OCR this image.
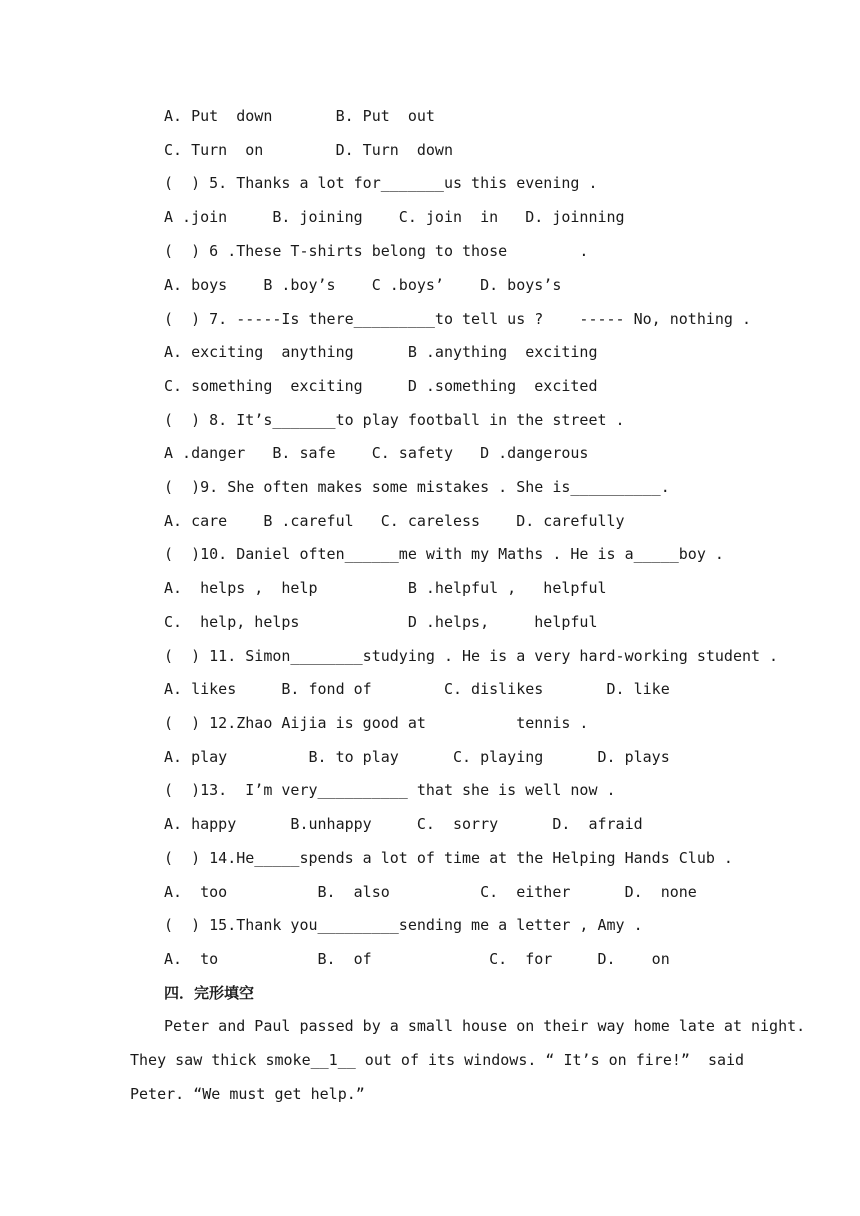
A. Put  down       B. Put  out
C. Turn  on        D. Turn  down
(  ) 5. Thanks a lot for_______us this evening .
A .join     B. joining    C. join  in   D. joinning
(  ) 6 .These T-shirts belong to those        .
A. boys    B .boy’s    C .boys’    D. boys’s
(  ) 7. -----Is there_________to tell us ?    ----- No, nothing .
A. exciting  anything      B .anything  exciting
C. something  exciting     D .something  excited
(  ) 8. It’s_______to play football in the street .
A .danger   B. safe    C. safety   D .dangerous
(  )9. She often makes some mistakes . She is__________.
A. care    B .careful   C. careless    D. carefully
(  )10. Daniel often______me with my Maths . He is a_____boy .
A.  helps ,  help          B .helpful ,   helpful
C.  help, helps            D .helps,     helpful
(  ) 11. Simon________studying . He is a very hard-working student .
A. likes     B. fond of        C. dislikes       D. like
(  ) 12.Zhao Aijia is good at          tennis .
A. play         B. to play      C. playing      D. plays
(  )13.  I’m very__________ that she is well now .
A. happy      B.unhappy     C.  sorry      D.  afraid
(  ) 14.He_____spends a lot of time at the Helping Hands Club .
A.  too          B.  also          C.  either      D.  none
(  ) 15.Thank you_________sending me a letter , Amy .
A.  to           B.  of             C.  for     D.    on
四．完形填空
Peter and Paul passed by a small house on their way home late at night.
They saw thick smoke__1__ out of its windows. “ It’s on fire!”  said
Peter. “We must get help.”
